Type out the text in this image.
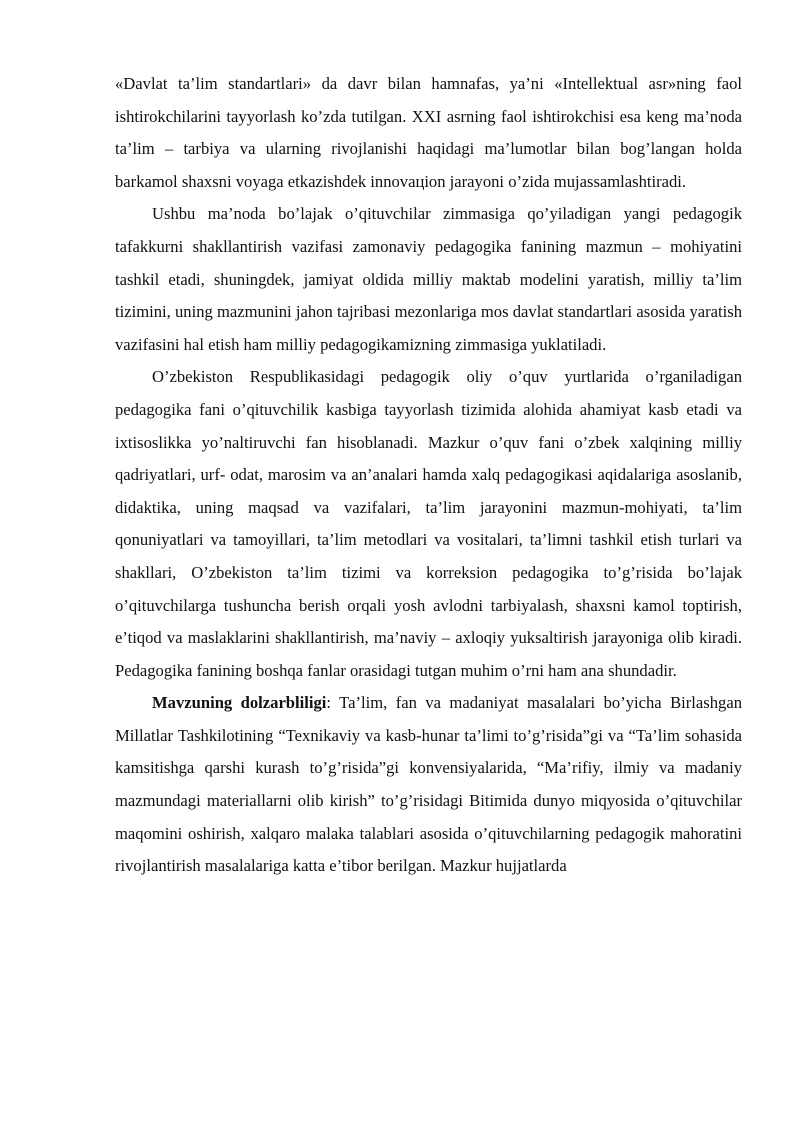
«Davlat ta’lim standartlari» da davr bilan hamnafas, ya’ni «Intellektual asr»ning faol ishtirokchilarini tayyorlash ko’zda tutilgan. XXI asrning faol ishtirokchisi esa keng ma’noda ta’lim – tarbiya va ularning rivojlanishi haqidagi ma’lumotlar bilan bog’langan holda barkamol shaxsni voyaga etkazishdek innovaцion jarayoni o’zida mujassamlashtiradi.

Ushbu ma’noda bo’lajak o’qituvchilar zimmasiga qo’yiladigan yangi pedagogik tafakkurni shakllantirish vazifasi zamonaviy pedagogika fanining mazmun – mohiyatini tashkil etadi, shuningdek, jamiyat oldida milliy maktab modelini yaratish, milliy ta’lim tizimini, uning mazmunini jahon tajribasi mezonlariga mos davlat standartlari asosida yaratish vazifasini hal etish ham milliy pedagogikamizning zimmasiga yuklatiladi.

O’zbekiston Respublikasidagi pedagogik oliy o’quv yurtlarida o’rganiladigan pedagogika fani o’qituvchilik kasbiga tayyorlash tizimida alohida ahamiyat kasb etadi va ixtisoslikka yo’naltiruvchi fan hisoblanadi. Mazkur o’quv fani o’zbek xalqining milliy qadriyatlari, urf- odat, marosim va an’analari hamda xalq pedagogikasi aqidalariga asoslanib, didaktika, uning maqsad va vazifalari, ta’lim jarayonini mazmun-mohiyati, ta’lim qonuniyatlari va tamoyillari, ta’lim metodlari va vositalari, ta’limni tashkil etish turlari va shakllari, O’zbekiston ta’lim tizimi va korreksion pedagogika to’g’risida bo’lajak o’qituvchilarga tushuncha berish orqali yosh avlodni tarbiyalash, shaxsni kamol toptirish, e’tiqod va maslaklarini shakllantirish, ma’naviy – axloqiy yuksaltirish jarayoniga olib kiradi. Pedagogika fanining boshqa fanlar orasidagi tutgan muhim o’rni ham ana shundadir.

Mavzuning dolzarbliligi: Ta’lim, fan va madaniyat masalalari bo’yicha Birlashgan Millatlar Tashkilotining “Texnikaviy va kasb-hunar ta’limi to’g’risida”gi va “Ta’lim sohasida kamsitishga qarshi kurash to’g’risida”gi konvensiyalarida, “Ma’rifiy, ilmiy va madaniy mazmundagi materiallarni olib kirish” to’g’risidagi Bitimida dunyo miqyosida o’qituvchilar maqomini oshirish, xalqaro malaka talablari asosida o’qituvchilarning pedagogik mahoratini rivojlantirish masalalariga katta e’tibor berilgan. Mazkur hujjatlarda
